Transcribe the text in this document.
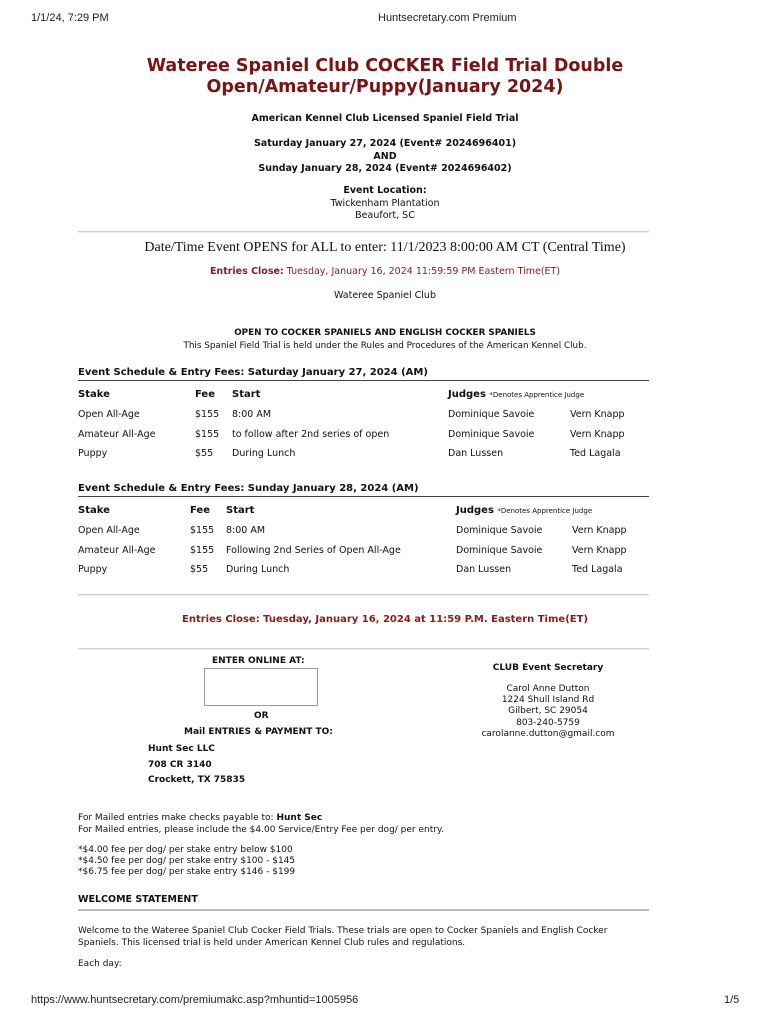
1/1/24, 7:29 PM	Huntsecretary.com Premium
Wateree Spaniel Club COCKER Field Trial Double
Open/Amateur/Puppy(January 2024)
American Kennel Club Licensed Spaniel Field Trial
Saturday January 27, 2024 (Event# 2024696401)
AND
Sunday January 28, 2024 (Event# 2024696402)
Event Location:
Twickenham Plantation
Beaufort, SC
Date/Time Event OPENS for ALL to enter: 11/1/2023 8:00:00 AM CT (Central Time)
Entries Close: Tuesday, January 16, 2024 11:59:59 PM Eastern Time(ET)
Wateree Spaniel Club
OPEN TO COCKER SPANIELS AND ENGLISH COCKER SPANIELS
This Spaniel Field Trial is held under the Rules and Procedures of the American Kennel Club.
Event Schedule & Entry Fees: Saturday January 27, 2024 (AM)
Stake	Fee Start	Judges *Denotes Apprentice Judge
Open All-Age	$155 8:00 AM	Dominique Savoie	Vern Knapp
Amateur All-Age	$155 to follow after 2nd series of open	Dominique Savoie	Vern Knapp
Puppy	$55 During Lunch	Dan Lussen	Ted Lagala
Event Schedule & Entry Fees: Sunday January 28, 2024 (AM)
Stake	Fee Start	Judges *Denotes Apprentice Judge
Open All-Age	$155 8:00 AM	Dominique Savoie	Vern Knapp
Amateur All-Age	$155 Following 2nd Series of Open All-Age	Dominique Savoie	Vern Knapp
Puppy	$55 During Lunch	Dan Lussen	Ted Lagala
Entries Close: Tuesday, January 16, 2024 at 11:59 P.M. Eastern Time(ET)
ENTER ONLINE AT:
OR
Mail ENTRIES & PAYMENT TO:
Hunt Sec LLC
708 CR 3140
Crockett, TX 75835
CLUB Event Secretary
Carol Anne Dutton
1224 Shull Island Rd
Gilbert, SC 29054
803-240-5759
carolanne.dutton@gmail.com
For Mailed entries make checks payable to: Hunt Sec
For Mailed entries, please include the $4.00 Service/Entry Fee per dog/ per entry.
*$4.00 fee per dog/ per stake entry below $100
*$4.50 fee per dog/ per stake entry $100 - $145
*$6.75 fee per dog/ per stake entry $146 - $199
WELCOME STATEMENT
Welcome to the Wateree Spaniel Club Cocker Field Trials. These trials are open to Cocker Spaniels and English Cocker
Spaniels. This licensed trial is held under American Kennel Club rules and regulations.
Each day:
https://www.huntsecretary.com/premiumakc.asp?mhuntid=1005956	1/5
